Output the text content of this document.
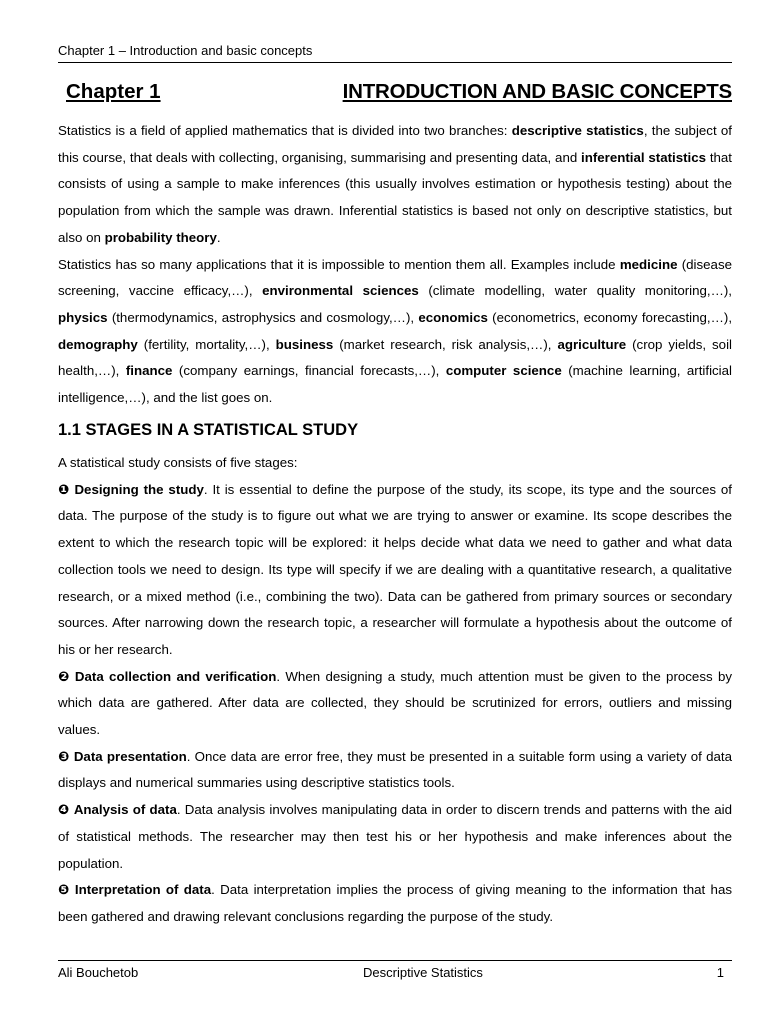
Chapter 1 – Introduction and basic concepts
Chapter 1	INTRODUCTION AND BASIC CONCEPTS

Statistics is a field of applied mathematics that is divided into two branches: descriptive statistics, the subject of this course, that deals with collecting, organising, summarising and presenting data, and inferential statistics that consists of using a sample to make inferences (this usually involves estimation or hypothesis testing) about the population from which the sample was drawn. Inferential statistics is based not only on descriptive statistics, but also on probability theory.

Statistics has so many applications that it is impossible to mention them all. Examples include medicine (disease screening, vaccine efficacy,…), environmental sciences (climate modelling, water quality monitoring,…), physics (thermodynamics, astrophysics and cosmology,…), economics (econometrics, economy forecasting,…), demography (fertility, mortality,…), business (market research, risk analysis,…), agriculture (crop yields, soil health,…), finance (company earnings, financial forecasts,…), computer science (machine learning, artificial intelligence,…), and the list goes on.

1.1 STAGES IN A STATISTICAL STUDY

A statistical study consists of five stages:

❶ Designing the study. It is essential to define the purpose of the study, its scope, its type and the sources of data. The purpose of the study is to figure out what we are trying to answer or examine. Its scope describes the extent to which the research topic will be explored: it helps decide what data we need to gather and what data collection tools we need to design. Its type will specify if we are dealing with a quantitative research, a qualitative research, or a mixed method (i.e., combining the two). Data can be gathered from primary sources or secondary sources. After narrowing down the research topic, a researcher will formulate a hypothesis about the outcome of his or her research.

❷ Data collection and verification. When designing a study, much attention must be given to the process by which data are gathered. After data are collected, they should be scrutinized for errors, outliers and missing values.

❸ Data presentation. Once data are error free, they must be presented in a suitable form using a variety of data displays and numerical summaries using descriptive statistics tools.

❹ Analysis of data. Data analysis involves manipulating data in order to discern trends and patterns with the aid of statistical methods. The researcher may then test his or her hypothesis and make inferences about the population.

❺ Interpretation of data. Data interpretation implies the process of giving meaning to the information that has been gathered and drawing relevant conclusions regarding the purpose of the study.

Ali Bouchetob	Descriptive Statistics	1
